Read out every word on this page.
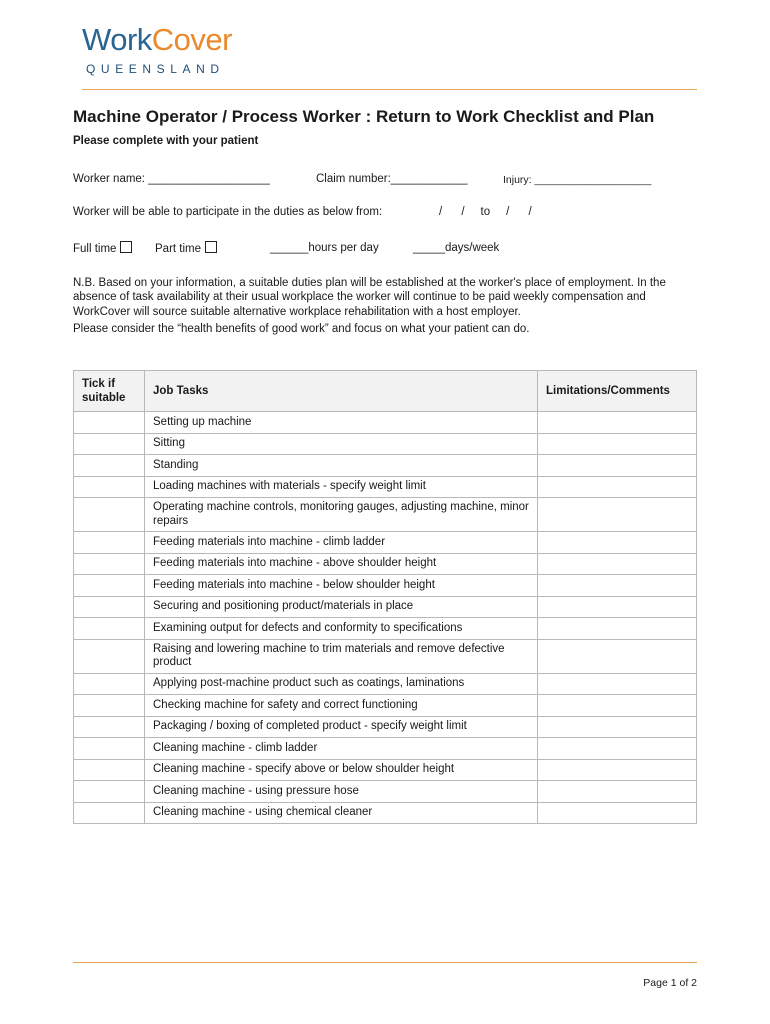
WorkCover
QUEENSLAND
Machine Operator / Process Worker : Return to Work Checklist and Plan
Please complete with your patient
Worker name: ___________________	Claim number:____________	Injury: ____________________
Worker will be able to participate in the duties as below from:	/      /     to     /      /
Full time	Part time	______hours per day	_____days/week
N.B. Based on your information, a suitable duties plan will be established at the worker's place of employment. In the absence of task availability at their usual workplace the worker will continue to be paid weekly compensation and WorkCover will source suitable alternative workplace rehabilitation with a host employer.
Please consider the “health benefits of good work” and focus on what your patient can do.
Tick if suitable	Job Tasks	Limitations/Comments
	Setting up machine	
	Sitting	
	Standing	
	Loading machines with materials - specify weight limit	
	Operating machine controls, monitoring gauges, adjusting machine, minor repairs	
	Feeding materials into machine - climb ladder	
	Feeding materials into machine - above shoulder height	
	Feeding materials into machine - below shoulder height	
	Securing and positioning product/materials in place	
	Examining output for defects and conformity to specifications	
	Raising and lowering machine to trim materials and remove defective product	
	Applying post-machine product such as coatings, laminations	
	Checking machine for safety and correct functioning	
	Packaging / boxing of completed product - specify weight limit	
	Cleaning machine - climb ladder	
	Cleaning machine - specify above or below shoulder height	
	Cleaning machine - using pressure hose	
	Cleaning machine - using chemical cleaner	
Page 1 of 2
